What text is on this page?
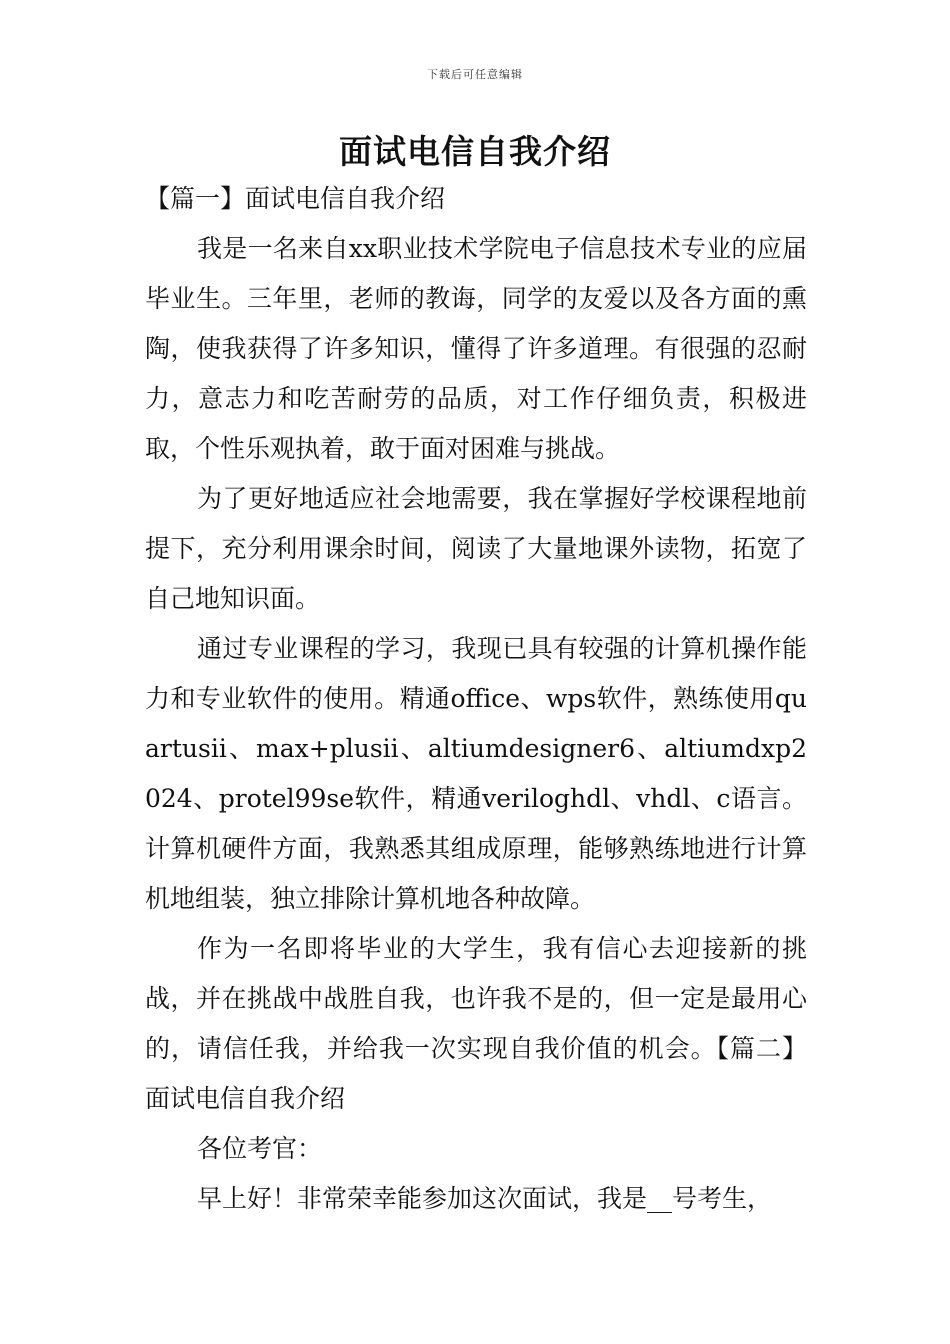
下载后可任意编辑
面试电信自我介绍

【篇一】面试电信自我介绍

我是一名来自xx职业技术学院电子信息技术专业的应届毕业生。三年里，老师的教诲，同学的友爱以及各方面的熏陶，使我获得了许多知识，懂得了许多道理。有很强的忍耐力，意志力和吃苦耐劳的品质，对工作仔细负责，积极进取，个性乐观执着，敢于面对困难与挑战。

为了更好地适应社会地需要，我在掌握好学校课程地前提下，充分利用课余时间，阅读了大量地课外读物，拓宽了自己地知识面。

通过专业课程的学习，我现已具有较强的计算机操作能力和专业软件的使用。精通office、wps软件，熟练使用quartusii、max+plusii、altiumdesigner6、altiumdxp2024、protel99se软件，精通veriloghdl、vhdl、c语言。计算机硬件方面，我熟悉其组成原理，能够熟练地进行计算机地组装，独立排除计算机地各种故障。

作为一名即将毕业的大学生，我有信心去迎接新的挑战，并在挑战中战胜自我，也许我不是的，但一定是最用心的，请信任我，并给我一次实现自我价值的机会。【篇二】面试电信自我介绍

各位考官：

早上好！非常荣幸能参加这次面试，我是__号考生，
